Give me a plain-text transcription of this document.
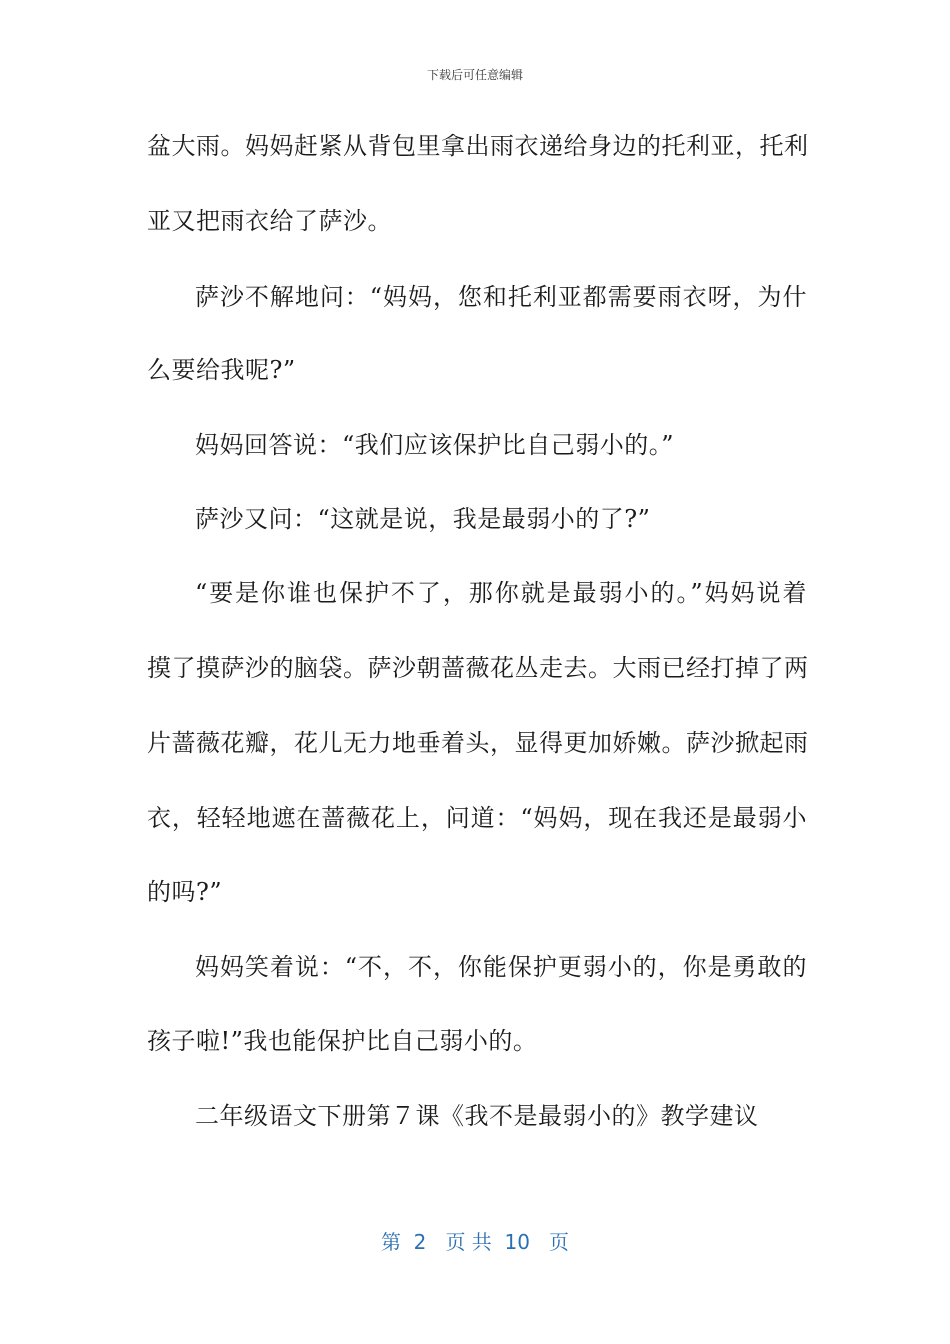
下载后可任意编辑
盆大雨。妈妈赶紧从背包里拿出雨衣递给身边的托利亚，托利
亚又把雨衣给了萨沙。
萨沙不解地问：“妈妈，您和托利亚都需要雨衣呀，为什
么要给我呢?”
妈妈回答说：“我们应该保护比自己弱小的。”
萨沙又问：“这就是说，我是最弱小的了?”
“要是你谁也保护不了，那你就是最弱小的。”妈妈说着
摸了摸萨沙的脑袋。萨沙朝蔷薇花丛走去。大雨已经打掉了两
片蔷薇花瓣，花儿无力地垂着头，显得更加娇嫩。萨沙掀起雨
衣，轻轻地遮在蔷薇花上，问道：“妈妈，现在我还是最弱小
的吗?”
妈妈笑着说：“不，不，你能保护更弱小的，你是勇敢的
孩子啦!”我也能保护比自己弱小的。
二年级语文下册第７课《我不是最弱小的》教学建议
第  2   页 共  10   页
